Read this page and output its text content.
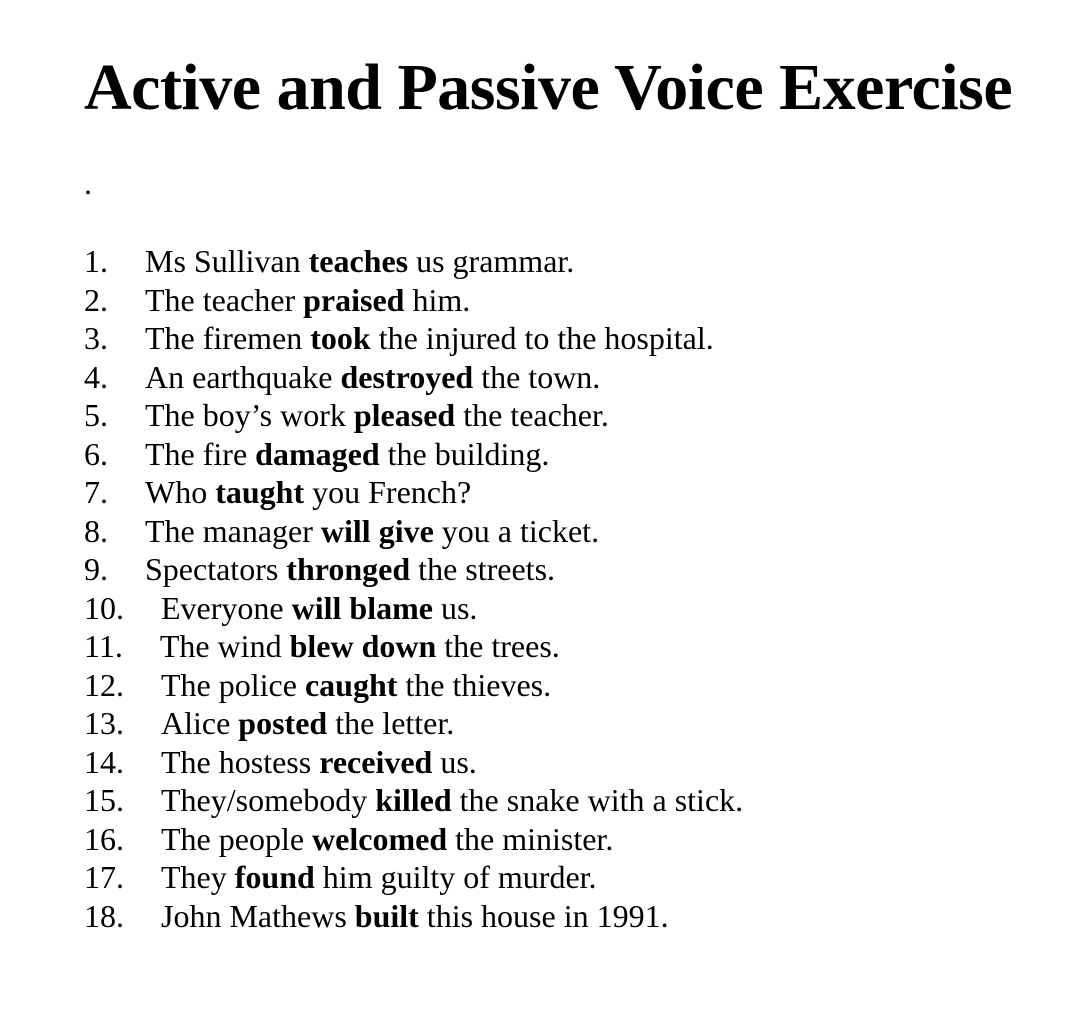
Active and Passive Voice Exercise
.
1. Ms Sullivan teaches us grammar.
2. The teacher praised him.
3. The firemen took the injured to the hospital.
4. An earthquake destroyed the town.
5. The boy’s work pleased the teacher.
6. The fire damaged the building.
7. Who taught you French?
8. The manager will give you a ticket.
9. Spectators thronged the streets.
10. Everyone will blame us.
11. The wind blew down the trees.
12. The police caught the thieves.
13. Alice posted the letter.
14. The hostess received us.
15. They/somebody killed the snake with a stick.
16. The people welcomed the minister.
17. They found him guilty of murder.
18. John Mathews built this house in 1991.
